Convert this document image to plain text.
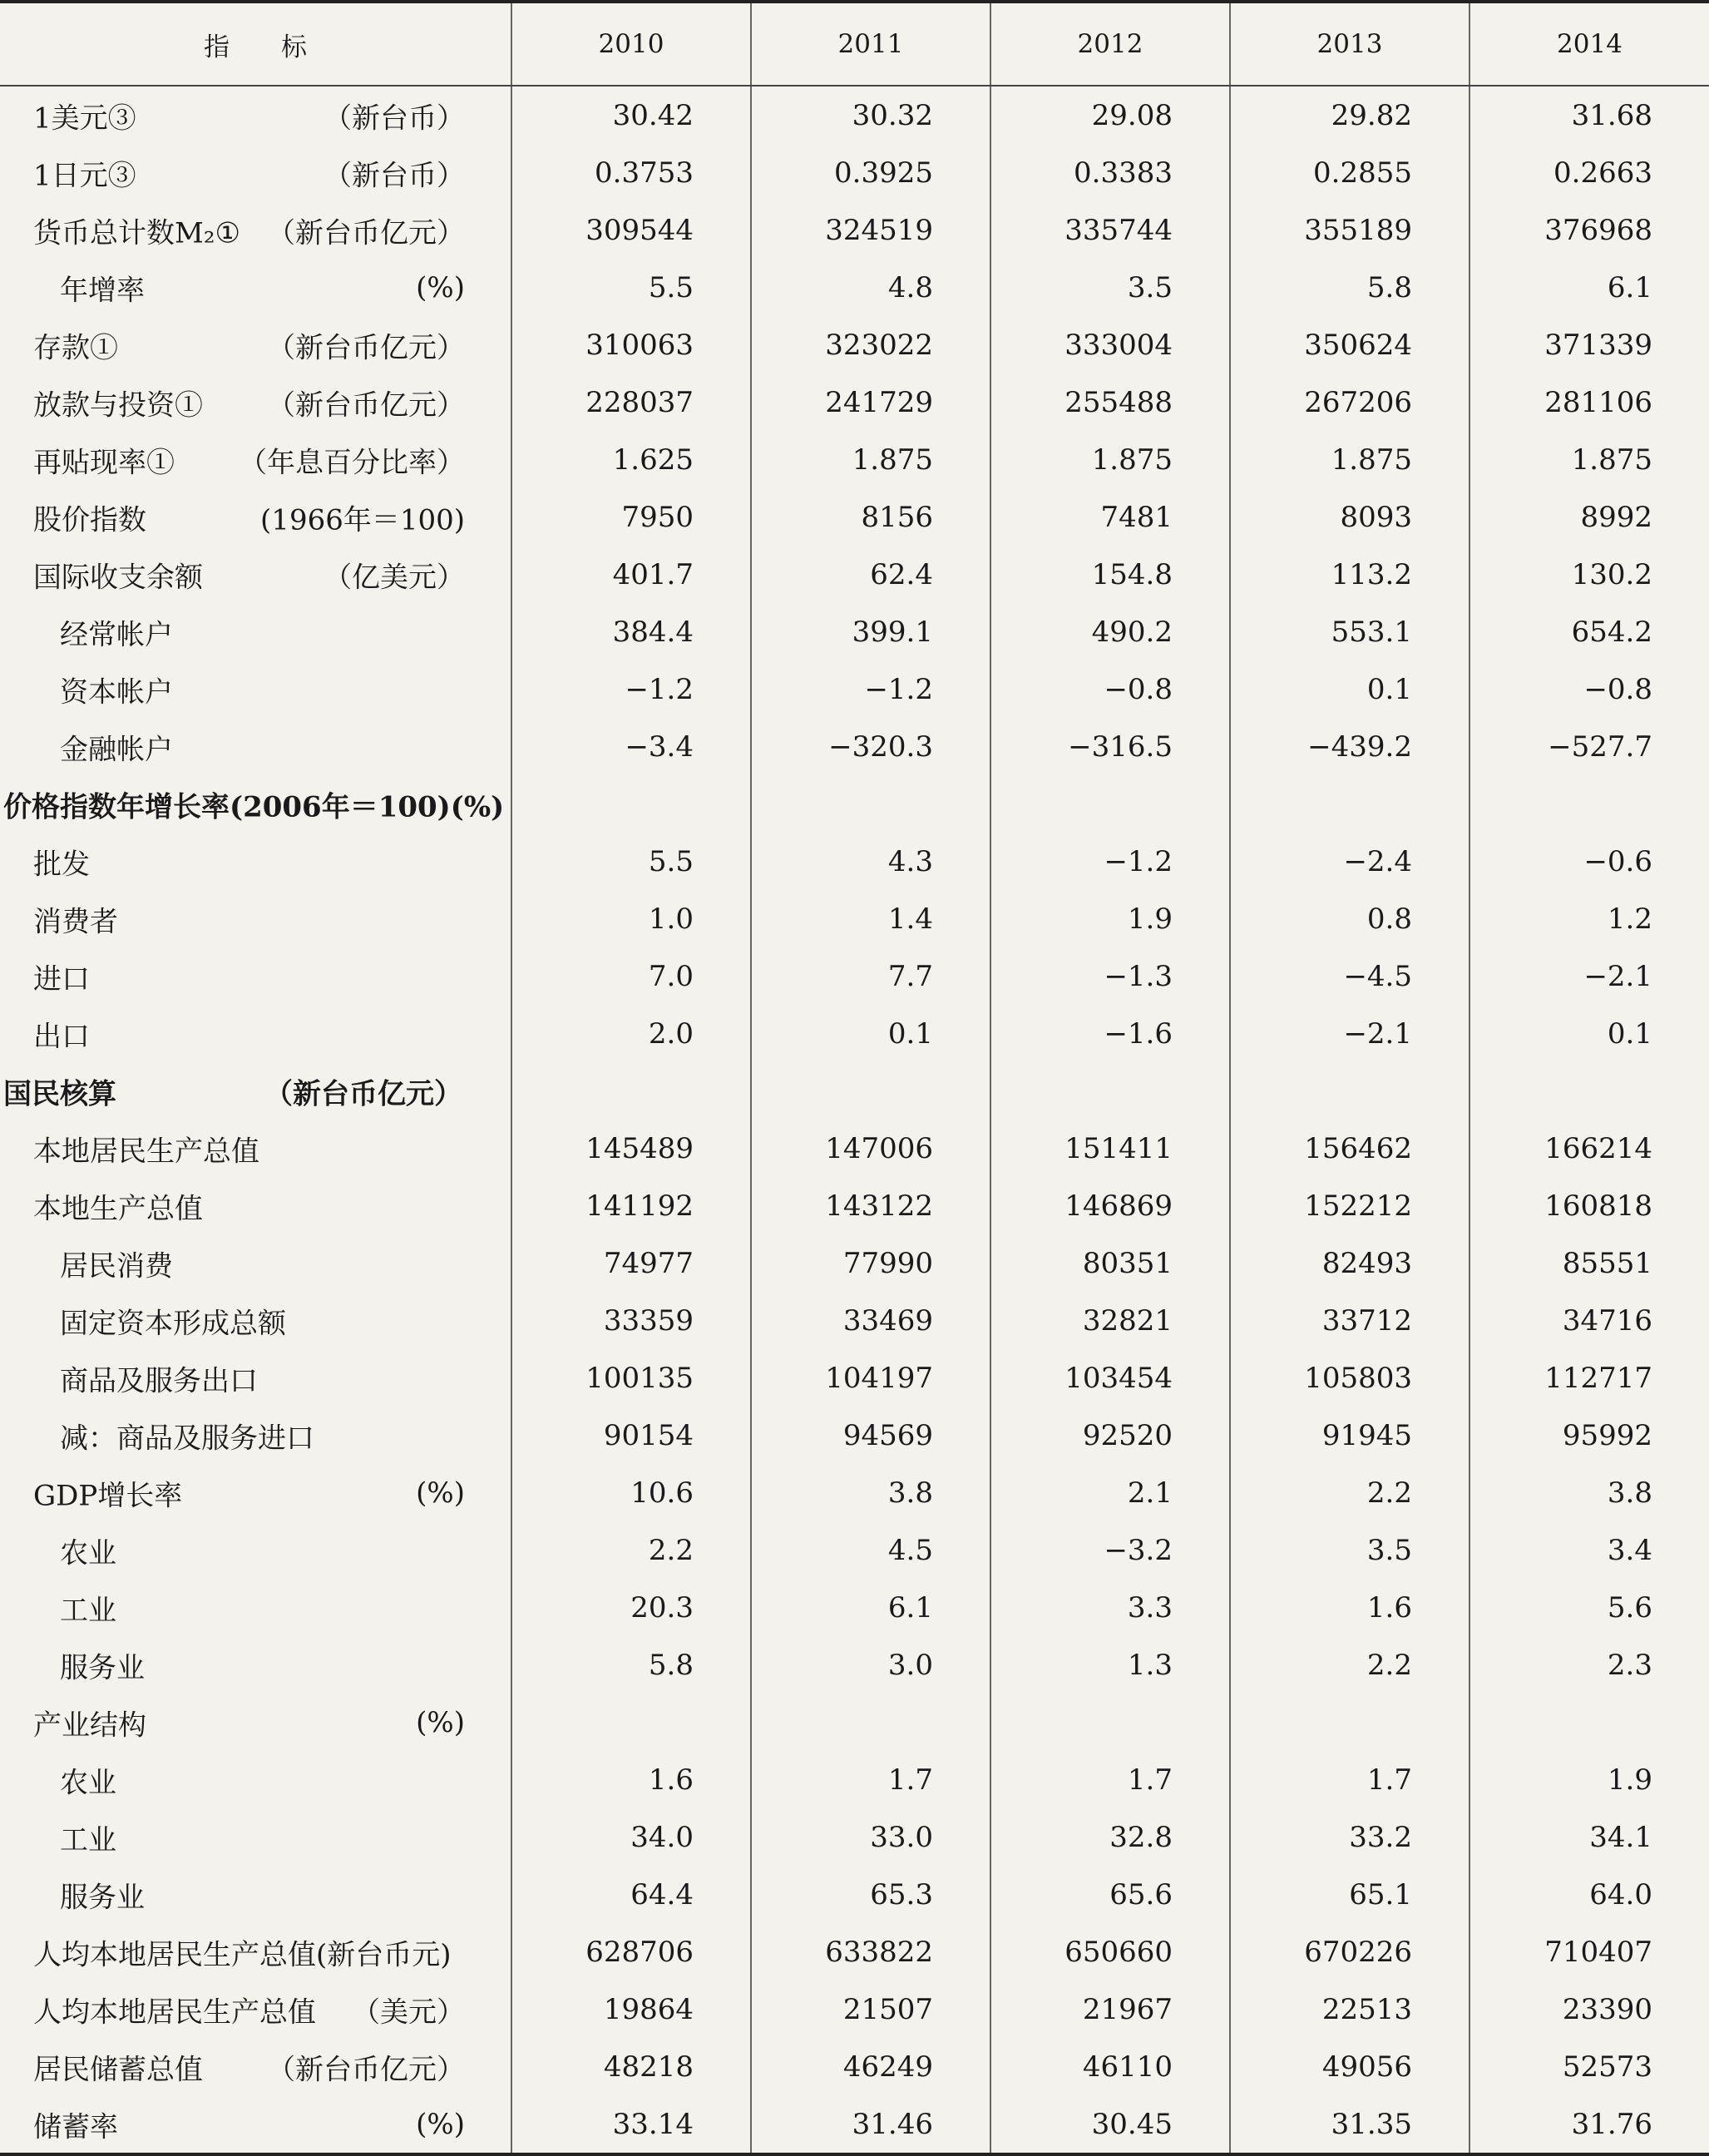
指　　标	2010	2011	2012	2013	2014

1美元③ （新台币）	30.42	30.32	29.08	29.82	31.68

1日元③ （新台币）	0.3753	0.3925	0.3383	0.2855	0.2663

货币总计数M₂① （新台币亿元）	309544	324519	335744	355189	376968

年增率 (%)	5.5	4.8	3.5	5.8	6.1

存款① （新台币亿元）	310063	323022	333004	350624	371339

放款与投资① （新台币亿元）	228037	241729	255488	267206	281106

再贴现率① （年息百分比率）	1.625	1.875	1.875	1.875	1.875

股价指数 (1966年＝100)	7950	8156	7481	8093	8992

国际收支余额 （亿美元）	401.7	62.4	154.8	113.2	130.2

经常帐户	384.4	399.1	490.2	553.1	654.2

资本帐户	−1.2	−1.2	−0.8	0.1	−0.8

金融帐户	−3.4	−320.3	−316.5	−439.2	−527.7

价格指数年增长率(2006年＝100)(%)					

批发	5.5	4.3	−1.2	−2.4	−0.6

消费者	1.0	1.4	1.9	0.8	1.2

进口	7.0	7.7	−1.3	−4.5	−2.1

出口	2.0	0.1	−1.6	−2.1	0.1

国民核算 （新台币亿元）					

本地居民生产总值	145489	147006	151411	156462	166214

本地生产总值	141192	143122	146869	152212	160818

居民消费	74977	77990	80351	82493	85551

固定资本形成总额	33359	33469	32821	33712	34716

商品及服务出口	100135	104197	103454	105803	112717

减：商品及服务进口	90154	94569	92520	91945	95992

GDP增长率 (%)	10.6	3.8	2.1	2.2	3.8

农业	2.2	4.5	−3.2	3.5	3.4

工业	20.3	6.1	3.3	1.6	5.6

服务业	5.8	3.0	1.3	2.2	2.3

产业结构 (%)					

农业	1.6	1.7	1.7	1.7	1.9

工业	34.0	33.0	32.8	33.2	34.1

服务业	64.4	65.3	65.6	65.1	64.0

人均本地居民生产总值(新台币元)	628706	633822	650660	670226	710407

人均本地居民生产总值 （美元）	19864	21507	21967	22513	23390

居民储蓄总值 （新台币亿元）	48218	46249	46110	49056	52573

储蓄率 (%)	33.14	31.46	30.45	31.35	31.76
